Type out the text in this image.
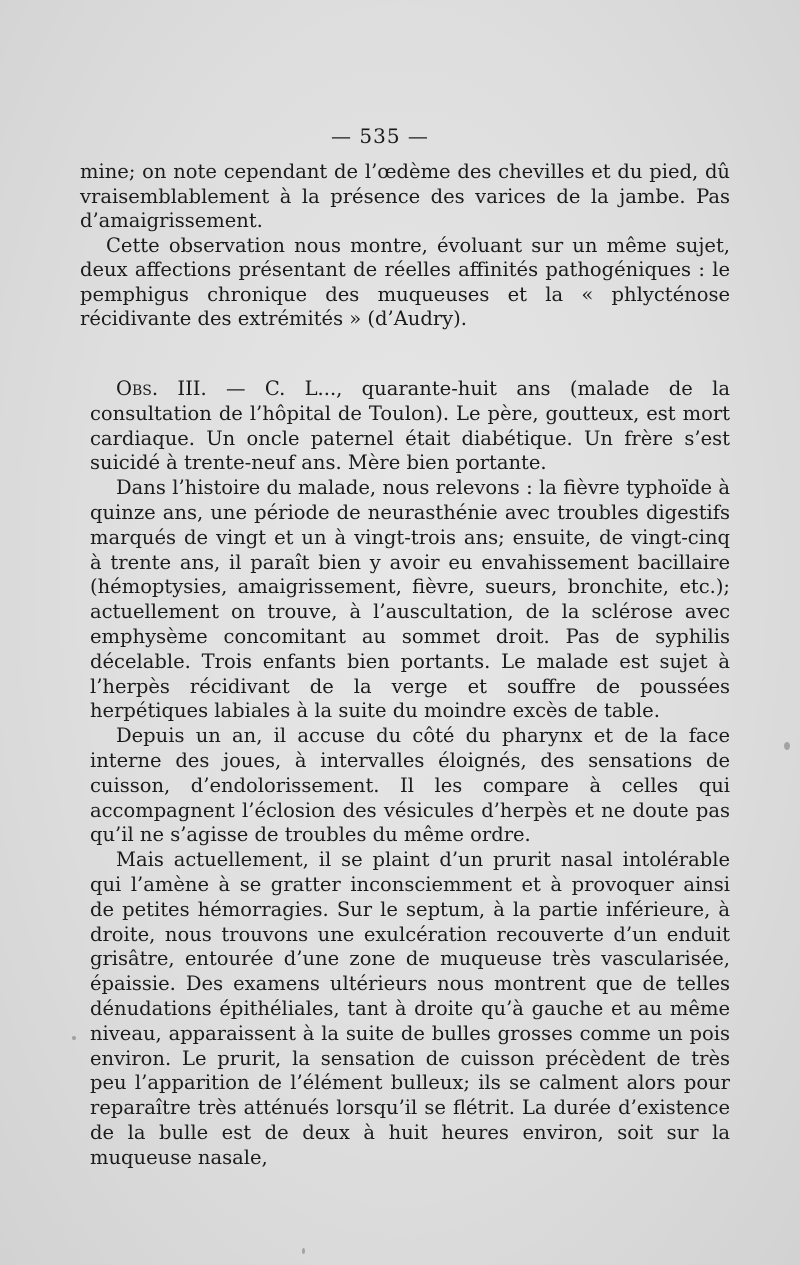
— 535 —

mine; on note cependant de l’œdème des chevilles et du pied, dû vraisemblablement à la présence des varices de la jambe. Pas d’amaigrissement.

Cette observation nous montre, évoluant sur un même sujet, deux affections présentant de réelles affinités pathogéniques : le pemphigus chronique des muqueuses et la « phlycténose récidivante des extrémités » (d’Audry).

Obs. III. — C. L..., quarante-huit ans (malade de la consultation de l’hôpital de Toulon). Le père, goutteux, est mort cardiaque. Un oncle paternel était diabétique. Un frère s’est suicidé à trente-neuf ans. Mère bien portante.

Dans l’histoire du malade, nous relevons : la fièvre typhoïde à quinze ans, une période de neurasthénie avec troubles digestifs marqués de vingt et un à vingt-trois ans; ensuite, de vingt-cinq à trente ans, il paraît bien y avoir eu envahissement bacillaire (hémoptysies, amaigrissement, fièvre, sueurs, bronchite, etc.); actuellement on trouve, à l’auscultation, de la sclérose avec emphysème concomitant au sommet droit. Pas de syphilis décelable. Trois enfants bien portants. Le malade est sujet à l’herpès récidivant de la verge et souffre de poussées herpétiques labiales à la suite du moindre excès de table.

Depuis un an, il accuse du côté du pharynx et de la face interne des joues, à intervalles éloignés, des sensations de cuisson, d’endolorissement. Il les compare à celles qui accompagnent l’éclosion des vésicules d’herpès et ne doute pas qu’il ne s’agisse de troubles du même ordre.

Mais actuellement, il se plaint d’un prurit nasal intolérable qui l’amène à se gratter inconsciemment et à provoquer ainsi de petites hémorragies. Sur le septum, à la partie inférieure, à droite, nous trouvons une exulcération recouverte d’un enduit grisâtre, entourée d’une zone de muqueuse très vascularisée, épaissie. Des examens ultérieurs nous montrent que de telles dénudations épithéliales, tant à droite qu’à gauche et au même niveau, apparaissent à la suite de bulles grosses comme un pois environ. Le prurit, la sensation de cuisson précèdent de très peu l’apparition de l’élément bulleux; ils se calment alors pour reparaître très atténués lorsqu’il se flétrit. La durée d’existence de la bulle est de deux à huit heures environ, soit sur la muqueuse nasale,
